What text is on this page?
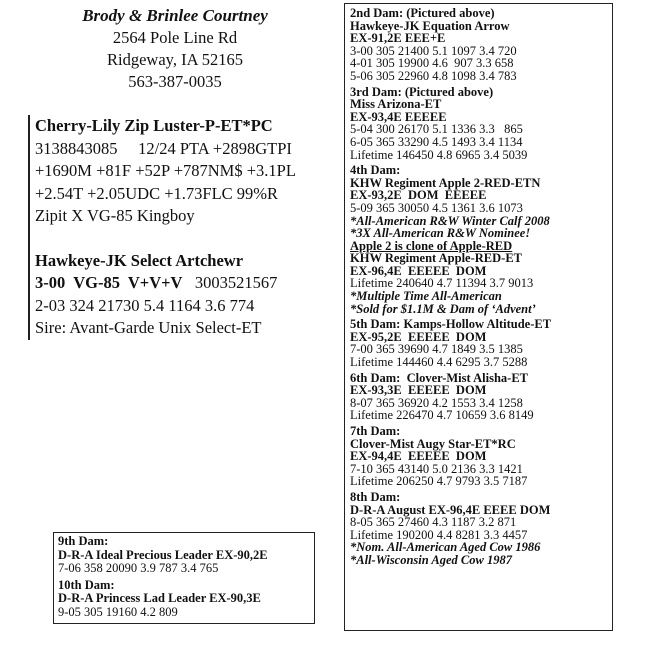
Brody & Brinlee Courtney
2564 Pole Line Rd
Ridgeway, IA 52165
563-387-0035
Cherry-Lily Zip Luster-P-ET*PC
3138843085     12/24 PTA +2898GTPI
+1690M +81F +52P +787NM$ +3.1PL
+2.54T +2.05UDC +1.73FLC 99%R
Zipit X VG-85 Kingboy
Hawkeye-JK Select Artchewr
3-00  VG-85  V+V+V   3003521567
2-03 324 21730 5.4 1164 3.6 774
Sire: Avant-Garde Unix Select-ET
9th Dam:
D-R-A Ideal Precious Leader EX-90,2E
7-06 358 20090 3.9 787 3.4 765
10th Dam:
D-R-A Princess Lad Leader EX-90,3E
9-05 305 19160 4.2 809
2nd Dam: (Pictured above)
Hawkeye-JK Equation Arrow
EX-91,2E EEE+E
3-00 305 21400 5.1 1097 3.4 720
4-01 305 19900 4.6  907 3.3 658
5-06 305 22960 4.8 1098 3.4 783
3rd Dam: (Pictured above)
Miss Arizona-ET
EX-93,4E EEEEE
5-04 300 26170 5.1 1336 3.3   865
6-05 365 33290 4.5 1493 3.4 1134
Lifetime 146450 4.8 6965 3.4 5039
4th Dam:
KHW Regiment Apple 2-RED-ETN
EX-93,2E  DOM  EEEEE
5-09 365 30050 4.5 1361 3.6 1073
*All-American R&W Winter Calf 2008
*3X All-American R&W Nominee!
Apple 2 is clone of Apple-RED
KHW Regiment Apple-RED-ET
EX-96,4E  EEEEE  DOM
Lifetime 240640 4.7 11394 3.7 9013
*Multiple Time All-American
*Sold for $1.1M & Dam of ‘Advent’
5th Dam: Kamps-Hollow Altitude-ET
EX-95,2E  EEEEE  DOM
7-00 365 39690 4.7 1849 3.5 1385
Lifetime 144460 4.4 6295 3.7 5288
6th Dam:  Clover-Mist Alisha-ET
EX-93,3E  EEEEE  DOM
8-07 365 36920 4.2 1553 3.4 1258
Lifetime 226470 4.7 10659 3.6 8149
7th Dam:
Clover-Mist Augy Star-ET*RC
EX-94,4E  EEEEE  DOM
7-10 365 43140 5.0 2136 3.3 1421
Lifetime 206250 4.7 9793 3.5 7187
8th Dam:
D-R-A August EX-96,4E EEEE DOM
8-05 365 27460 4.3 1187 3.2 871
Lifetime 190200 4.4 8281 3.3 4457
*Nom. All-American Aged Cow 1986
*All-Wisconsin Aged Cow 1987
